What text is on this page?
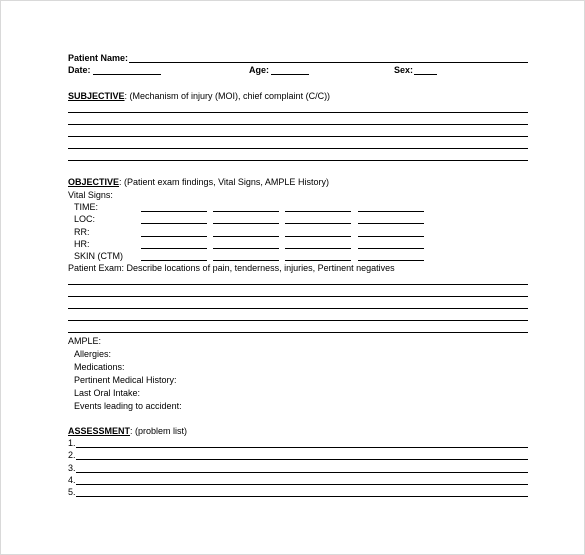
Patient Name:
Date:	Age:	Sex:
SUBJECTIVE: (Mechanism of injury (MOI), chief complaint (C/C))
OBJECTIVE: (Patient exam findings, Vital Signs, AMPLE History)
Vital Signs:
TIME:
LOC:
RR:
HR:
SKIN (CTM)
Patient Exam: Describe locations of pain, tenderness, injuries, Pertinent negatives
AMPLE:
Allergies:
Medications:
Pertinent Medical History:
Last Oral Intake:
Events leading to accident:
ASSESSMENT: (problem list)
1.
2.
3.
4.
5.
